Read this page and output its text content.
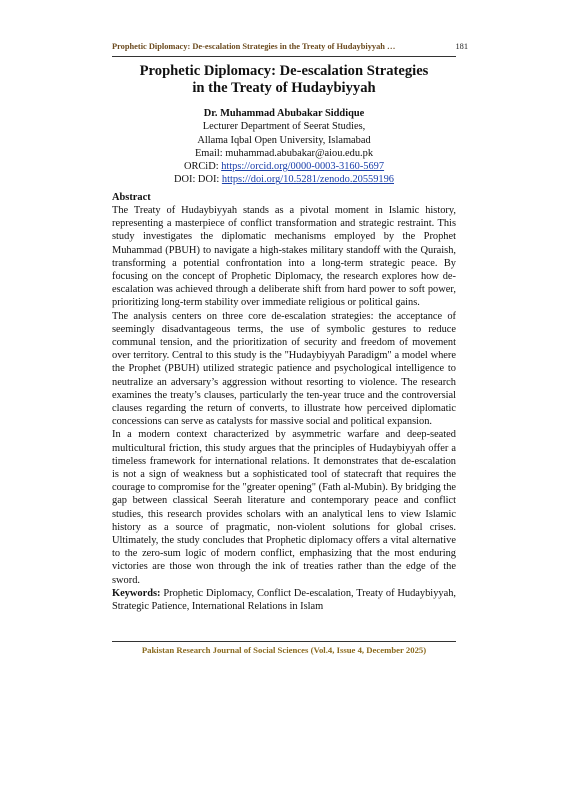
Prophetic Diplomacy: De-escalation Strategies in the Treaty of Hudaybiyyah …	181
Prophetic Diplomacy: De-escalation Strategies
in the Treaty of Hudaybiyyah
Dr. Muhammad Abubakar Siddique
Lecturer Department of Seerat Studies,
Allama Iqbal Open University, Islamabad
Email: muhammad.abubakar@aiou.edu.pk
ORCiD: https://orcid.org/0000-0003-3160-5697
DOI: DOI: https://doi.org/10.5281/zenodo.20559196
Abstract

The Treaty of Hudaybiyyah stands as a pivotal moment in Islamic history, representing a masterpiece of conflict transformation and strategic restraint. This study investigates the diplomatic mechanisms employed by the Prophet Muhammad (PBUH) to navigate a high-stakes military standoff with the Quraish, transforming a potential confrontation into a long-term strategic peace. By focusing on the concept of Prophetic Diplomacy, the research explores how de-escalation was achieved through a deliberate shift from hard power to soft power, prioritizing long-term stability over immediate religious or political gains.

The analysis centers on three core de-escalation strategies: the acceptance of seemingly disadvantageous terms, the use of symbolic gestures to reduce communal tension, and the prioritization of security and freedom of movement over territory. Central to this study is the "Hudaybiyyah Paradigm" a model where the Prophet (PBUH) utilized strategic patience and psychological intelligence to neutralize an adversary’s aggression without resorting to violence. The research examines the treaty’s clauses, particularly the ten-year truce and the controversial clauses regarding the return of converts, to illustrate how perceived diplomatic concessions can serve as catalysts for massive social and political expansion.

In a modern context characterized by asymmetric warfare and deep-seated multicultural friction, this study argues that the principles of Hudaybiyyah offer a timeless framework for international relations. It demonstrates that de-escalation is not a sign of weakness but a sophisticated tool of statecraft that requires the courage to compromise for the "greater opening" (Fath al-Mubin). By bridging the gap between classical Seerah literature and contemporary peace and conflict studies, this research provides scholars with an analytical lens to view Islamic history as a source of pragmatic, non-violent solutions for global crises. Ultimately, the study concludes that Prophetic diplomacy offers a vital alternative to the zero-sum logic of modern conflict, emphasizing that the most enduring victories are those won through the ink of treaties rather than the edge of the sword.

Keywords: Prophetic Diplomacy, Conflict De-escalation, Treaty of Hudaybiyyah, Strategic Patience, International Relations in Islam

Pakistan Research Journal of Social Sciences (Vol.4, Issue 4, December 2025)
